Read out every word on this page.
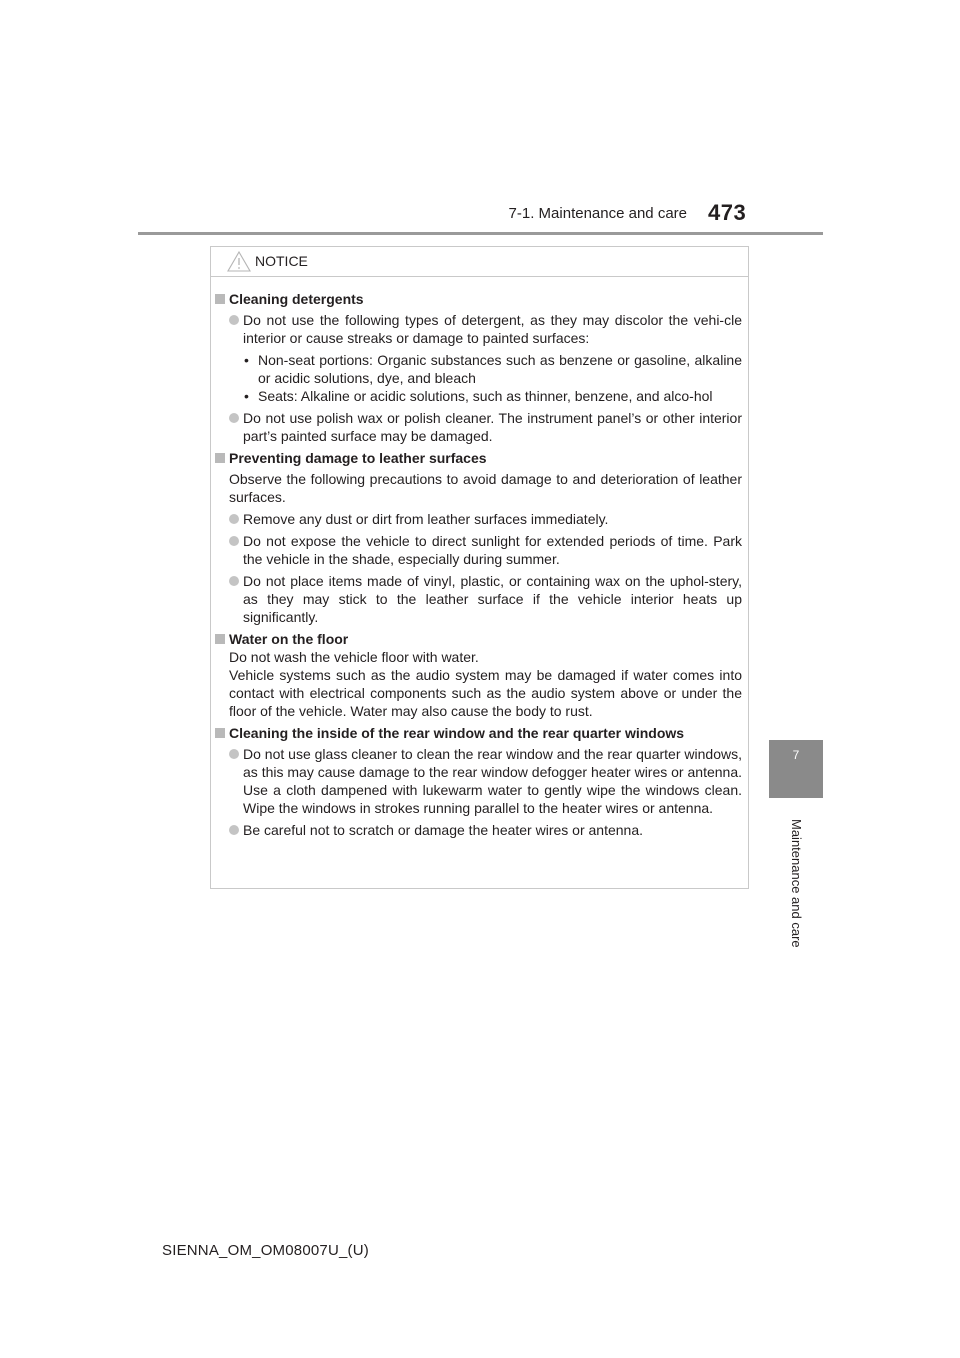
7-1. Maintenance and care 473
7
Maintenance and care
NOTICE
Cleaning detergents
Do not use the following types of detergent, as they may discolor the vehi-cle interior or cause streaks or damage to painted surfaces:
• Non-seat portions: Organic substances such as benzene or gasoline, alkaline or acidic solutions, dye, and bleach
• Seats: Alkaline or acidic solutions, such as thinner, benzene, and alco-hol
Do not use polish wax or polish cleaner. The instrument panel’s or other interior part’s painted surface may be damaged.
Preventing damage to leather surfaces
Observe the following precautions to avoid damage to and deterioration of leather surfaces.
Remove any dust or dirt from leather surfaces immediately.
Do not expose the vehicle to direct sunlight for extended periods of time. Park the vehicle in the shade, especially during summer.
Do not place items made of vinyl, plastic, or containing wax on the uphol-stery, as they may stick to the leather surface if the vehicle interior heats up significantly.
Water on the floor
Do not wash the vehicle floor with water.
Vehicle systems such as the audio system may be damaged if water comes into contact with electrical components such as the audio system above or under the floor of the vehicle. Water may also cause the body to rust.
Cleaning the inside of the rear window and the rear quarter windows
Do not use glass cleaner to clean the rear window and the rear quarter windows, as this may cause damage to the rear window defogger heater wires or antenna. Use a cloth dampened with lukewarm water to gently wipe the windows clean. Wipe the windows in strokes running parallel to the heater wires or antenna.
Be careful not to scratch or damage the heater wires or antenna.
SIENNA_OM_OM08007U_(U)
